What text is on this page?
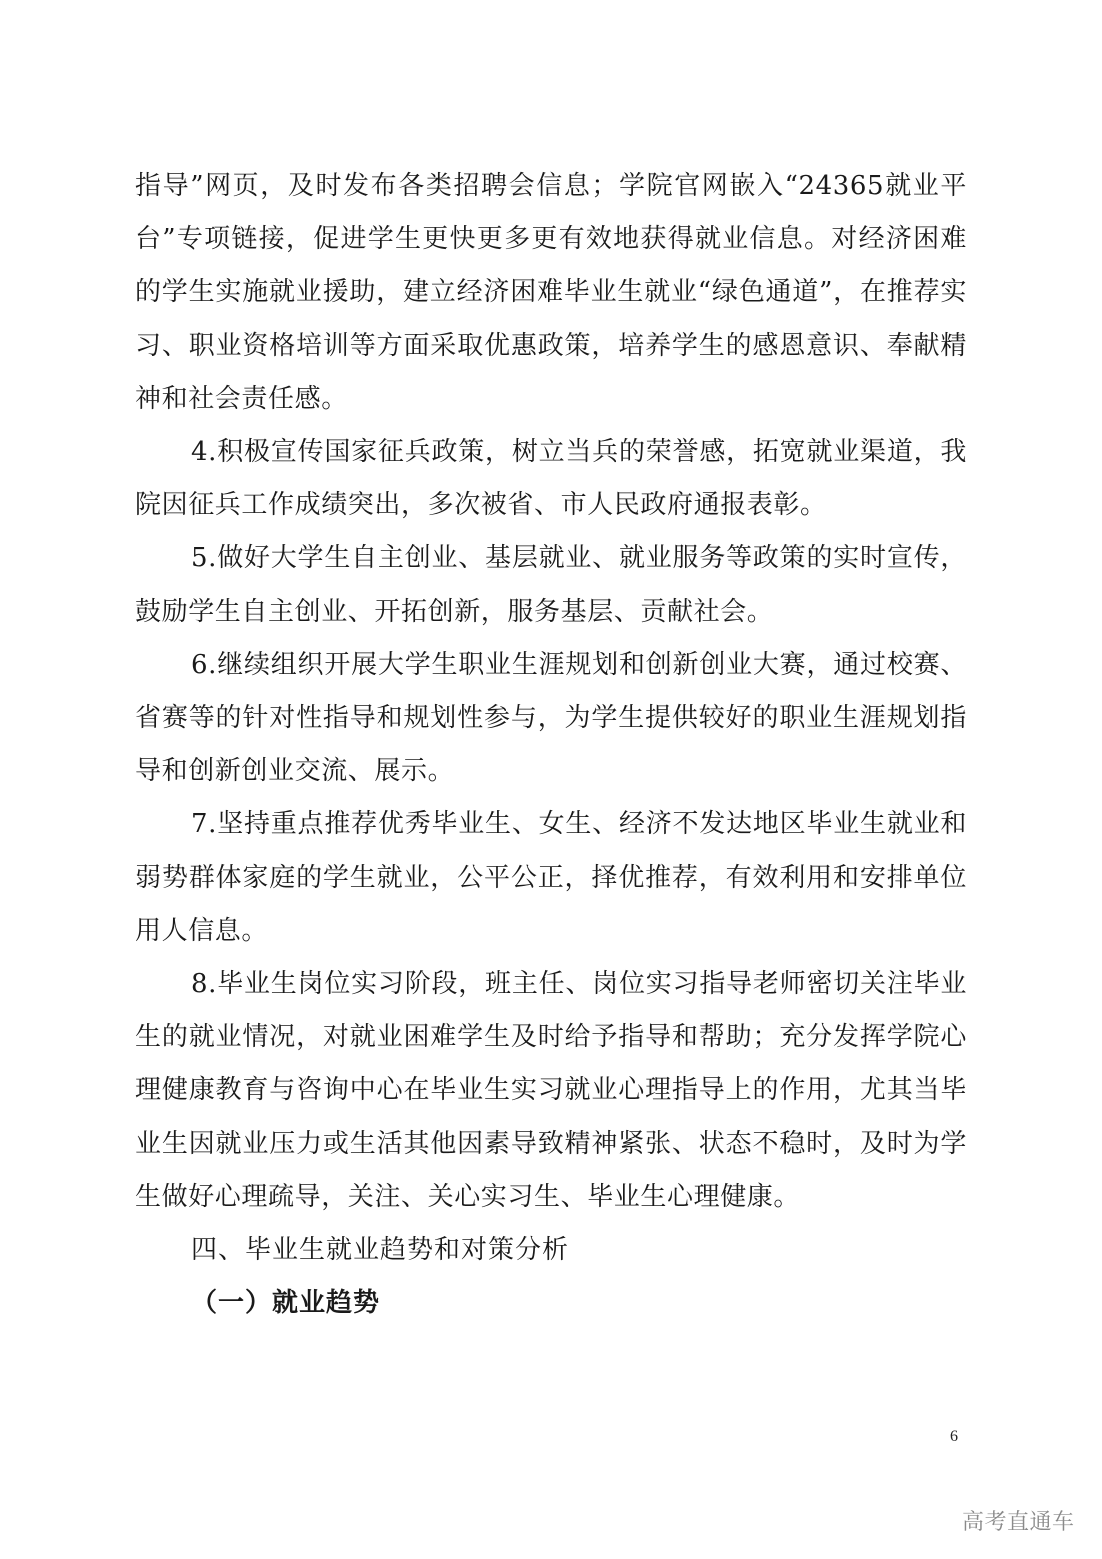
指导”网页，及时发布各类招聘会信息；学院官网嵌入“24365就业平台”专项链接，促进学生更快更多更有效地获得就业信息。对经济困难的学生实施就业援助，建立经济困难毕业生就业“绿色通道”，在推荐实习、职业资格培训等方面采取优惠政策，培养学生的感恩意识、奉献精神和社会责任感。

4.积极宣传国家征兵政策，树立当兵的荣誉感，拓宽就业渠道，我院因征兵工作成绩突出，多次被省、市人民政府通报表彰。

5.做好大学生自主创业、基层就业、就业服务等政策的实时宣传，鼓励学生自主创业、开拓创新，服务基层、贡献社会。

6.继续组织开展大学生职业生涯规划和创新创业大赛，通过校赛、省赛等的针对性指导和规划性参与，为学生提供较好的职业生涯规划指导和创新创业交流、展示。

7.坚持重点推荐优秀毕业生、女生、经济不发达地区毕业生就业和弱势群体家庭的学生就业，公平公正，择优推荐，有效利用和安排单位用人信息。

8.毕业生岗位实习阶段，班主任、岗位实习指导老师密切关注毕业生的就业情况，对就业困难学生及时给予指导和帮助；充分发挥学院心理健康教育与咨询中心在毕业生实习就业心理指导上的作用，尤其当毕业生因就业压力或生活其他因素导致精神紧张、状态不稳时，及时为学生做好心理疏导，关注、关心实习生、毕业生心理健康。

四、毕业生就业趋势和对策分析

（一）就业趋势

6
高考直通车
